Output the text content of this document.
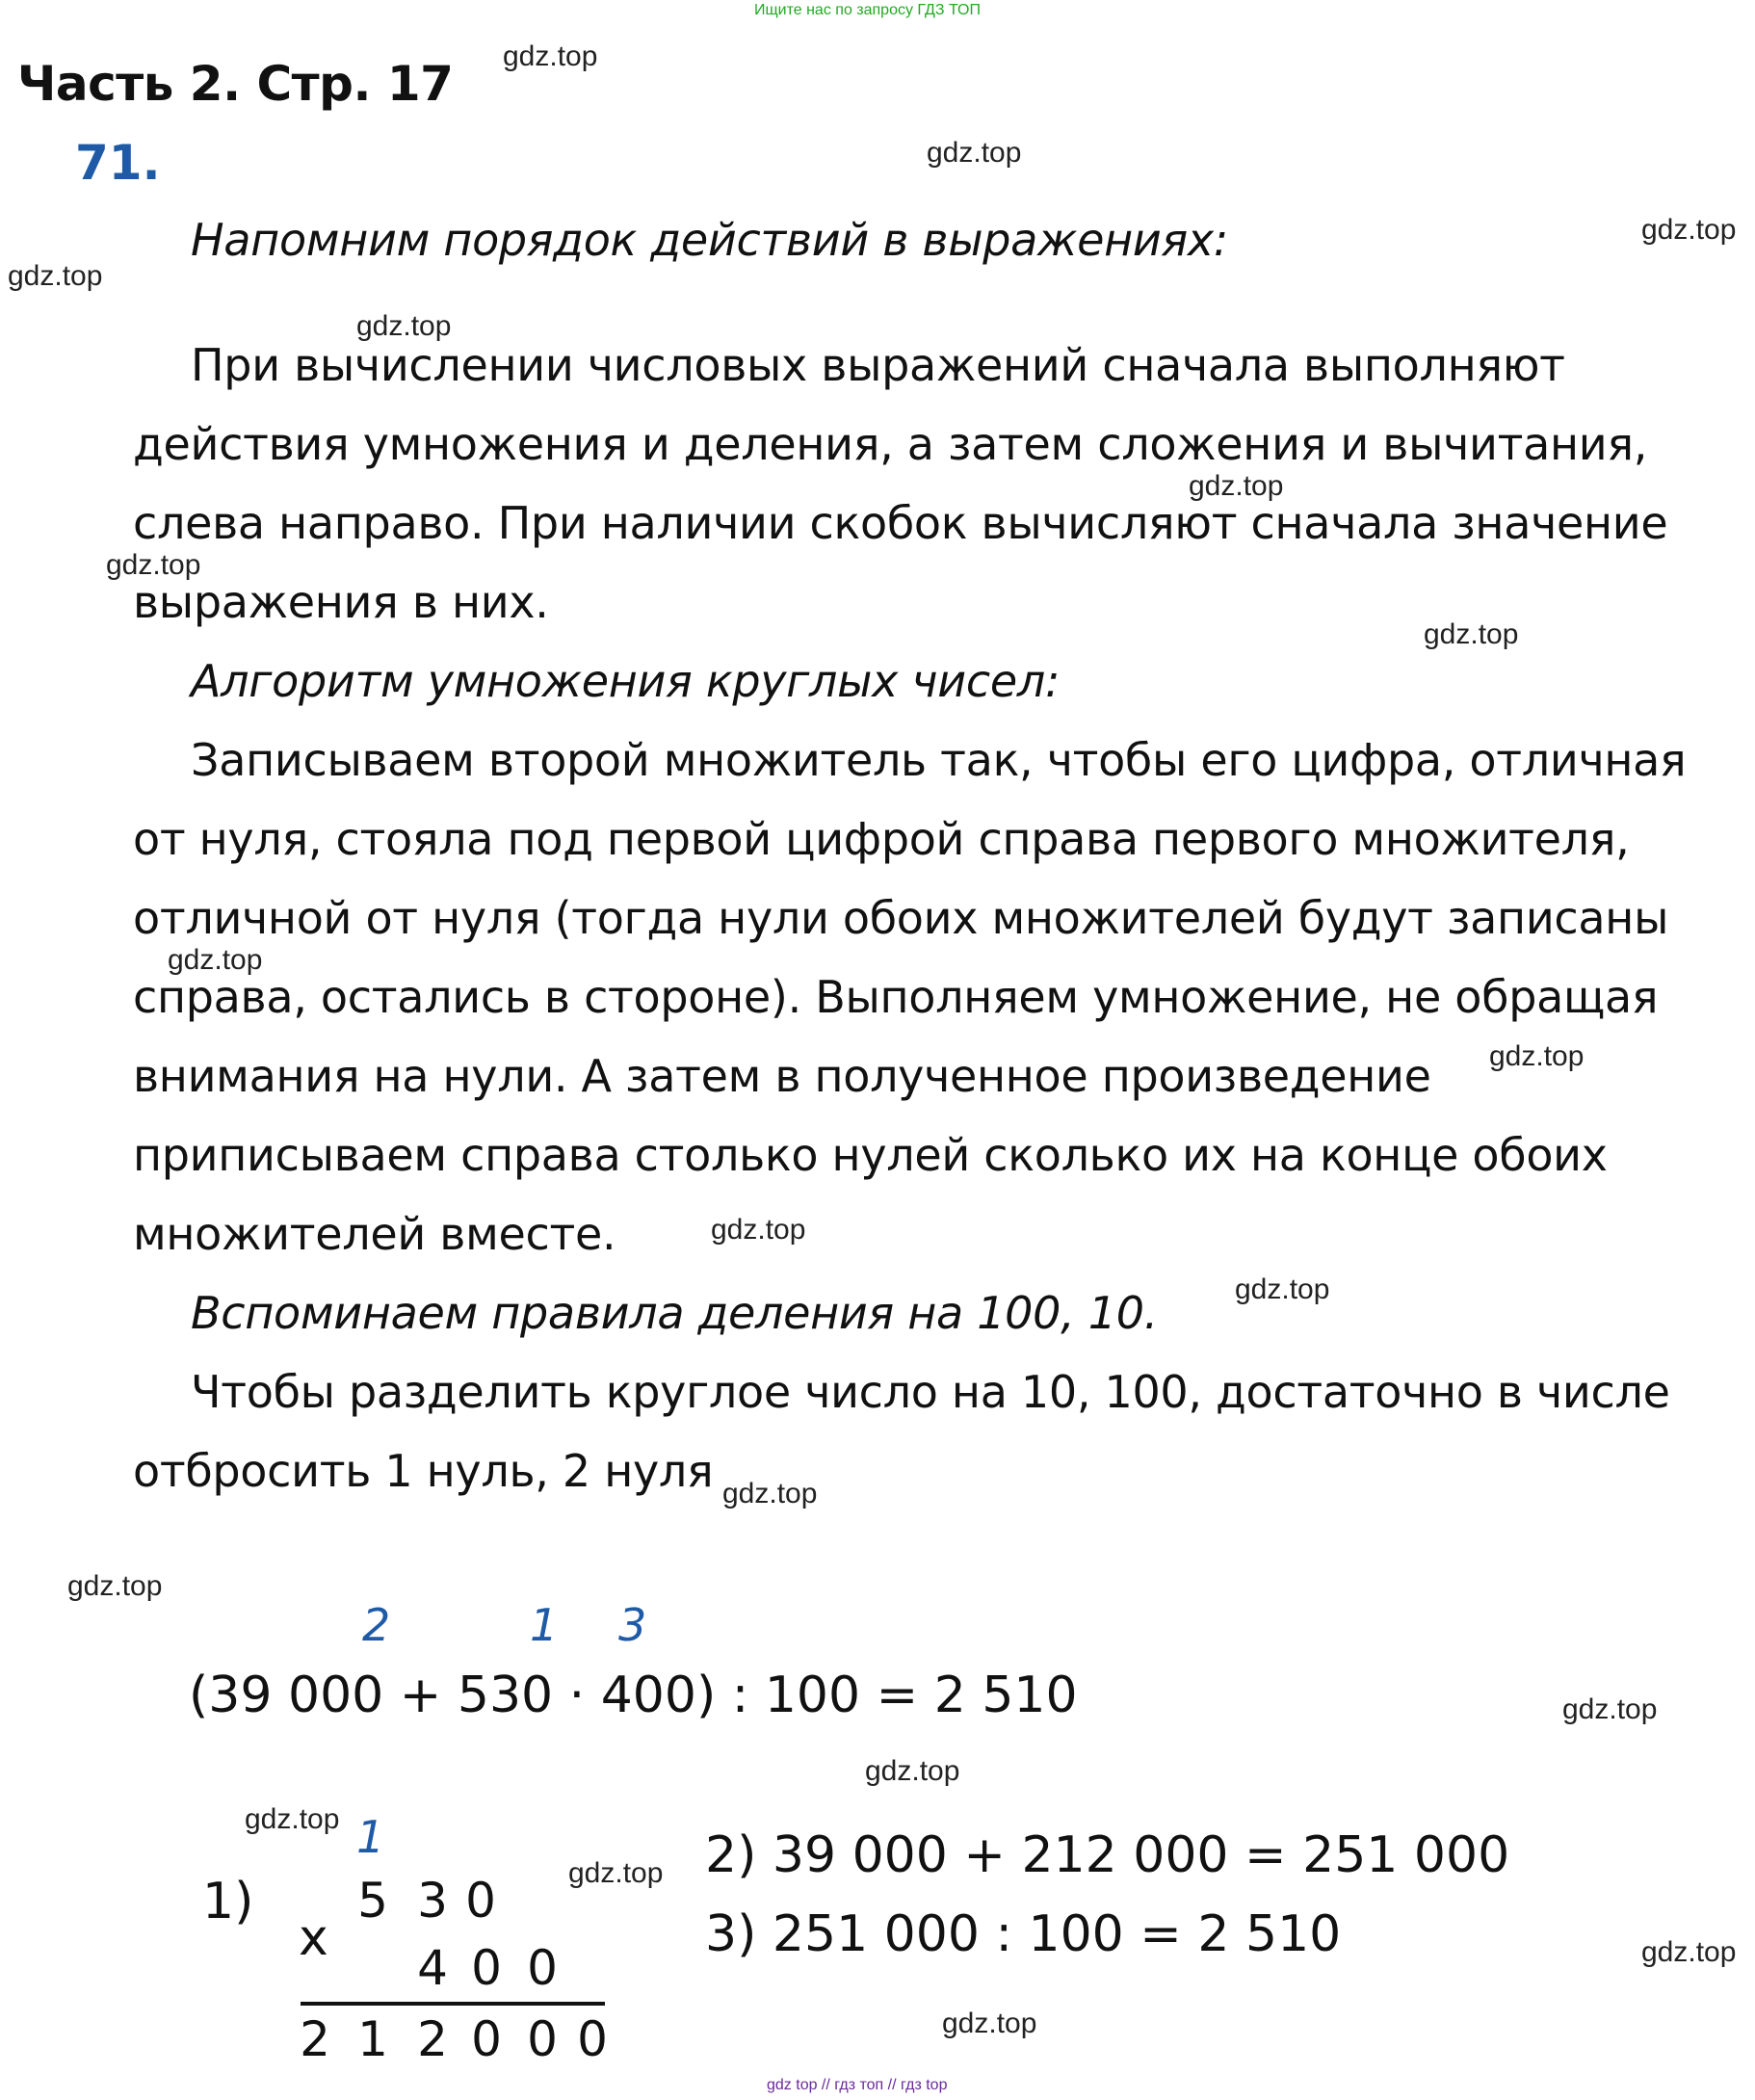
Ищите нас по запросу ГДЗ ТОП
Часть 2. Стр. 17
71.
Напомним порядок действий в выражениях:
При вычислении числовых выражений сначала выполняют
действия умножения и деления, а затем сложения и вычитания,
слева направо. При наличии скобок вычисляют сначала значение
выражения в них.
Алгоритм умножения круглых чисел:
Записываем второй множитель так, чтобы его цифра, отличная
от нуля, стояла под первой цифрой справа первого множителя,
отличной от нуля (тогда нули обоих множителей будут записаны
справа, остались в стороне). Выполняем умножение, не обращая
внимания на нули. А затем в полученное произведение
приписываем справа столько нулей сколько их на конце обоих
множителей вместе.
Вспоминаем правила деления на 100, 10.
Чтобы разделить круглое число на 10, 100, достаточно в числе
отбросить 1 нуль, 2 нуля
2	1 3
(39 000 + 530 · 400) : 100 = 2 510
1)
1
x
5 3 0
4 0 0
2 1 2 0 0 0
2) 39 000 + 212 000 = 251 000
3) 251 000 : 100 = 2 510
gdz.top
gdz.top
gdz.top
gdz.top
gdz.top
gdz.top
gdz.top
gdz.top
gdz.top
gdz.top
gdz.top
gdz.top
gdz.top
gdz.top
gdz.top
gdz.top
gdz.top
gdz.top
gdz.top
gdz.top
gdz top // гдз топ // гдз top
